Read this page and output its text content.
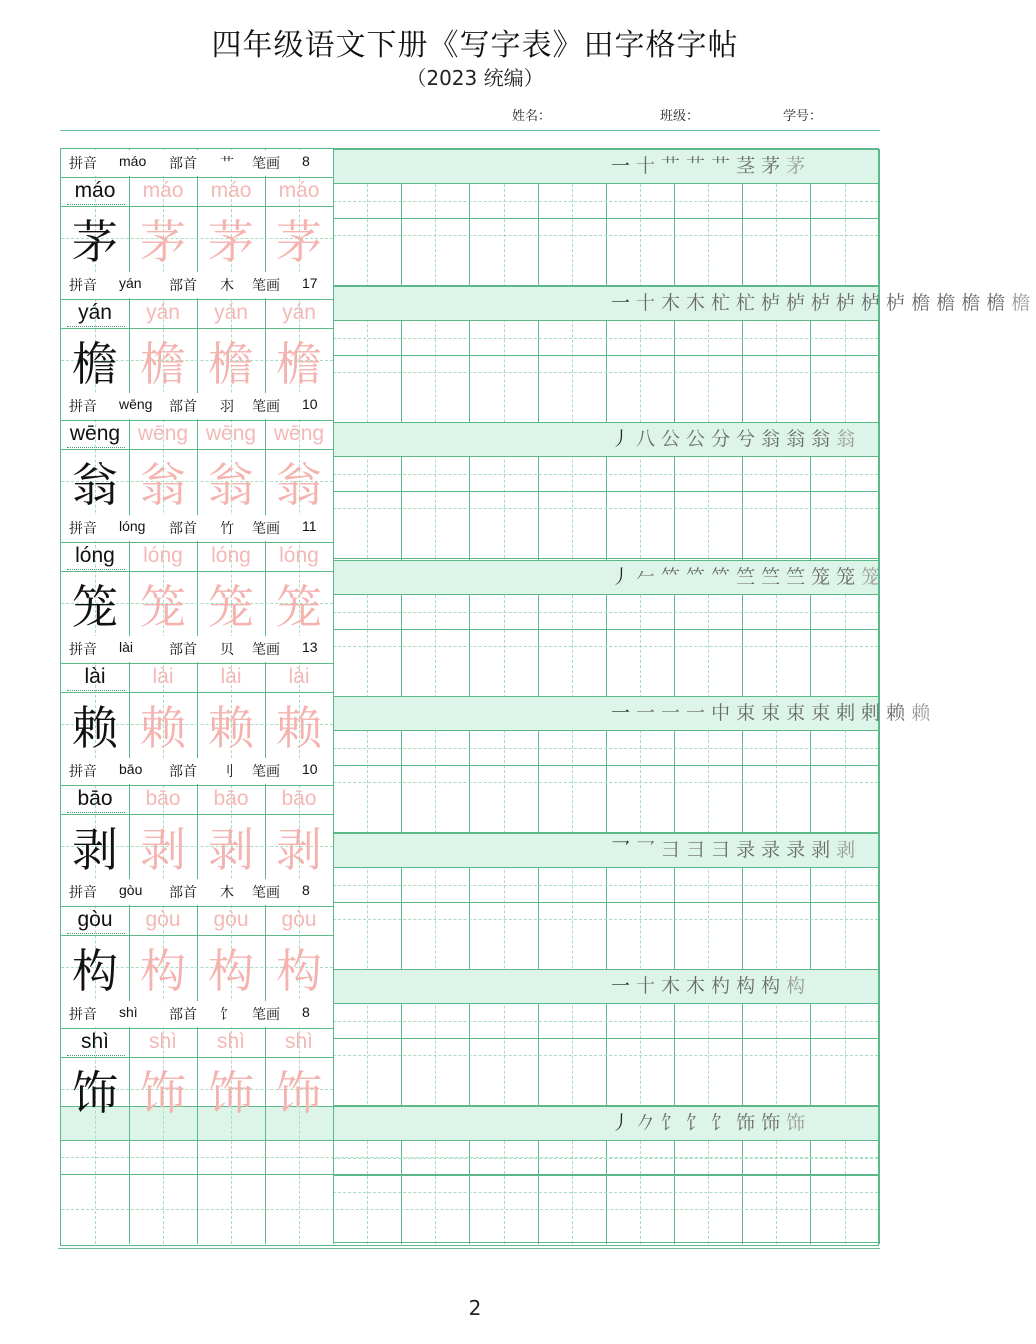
四年级语文下册《写字表》田字格字帖
（2023 统编）
姓名：	班级：	学号：
一十艹艹艹茎茅茅
一十木木杧杧栌栌栌栌栌栌檐檐檐檐檐
丿八公公分兮翁翁翁翁
丿𠂉𥫗𥫗𥫗竺竺竺笼笼笼
一一一一中束束束束剌剌赖赖
乛乛彐彐彐录录录剥剥
一十木木杓构构构
丿𠂊饣饣饣饰饰饰
拼音 máo 部首 艹 笔画 8
máo	máo	máo	máo
茅 茅 茅 茅
拼音 yán 部首 木 笔画 17
yán	yán	yán	yán
檐 檐 檐 檐
拼音 wēng 部首 羽 笔画 10
wēng wēng wēng wēng
翁 翁 翁 翁
拼音 lóng 部首 竹 笔画 11
lóng	lóng	lóng	lóng
笼 笼 笼 笼
拼音 lài	部首 贝 笔画 13
lài	lài	lài	lài
赖 赖 赖 赖
拼音 bāo 部首 刂 笔画 10
bāo	bāo	bāo	bāo
剥 剥 剥 剥
拼音 gòu 部首 木 笔画 8
gòu	gòu	gòu	gòu
构 构 构 构
拼音 shì 部首 饣 笔画 8
shì	shì	shì	shì
饰 饰 饰 饰
2
